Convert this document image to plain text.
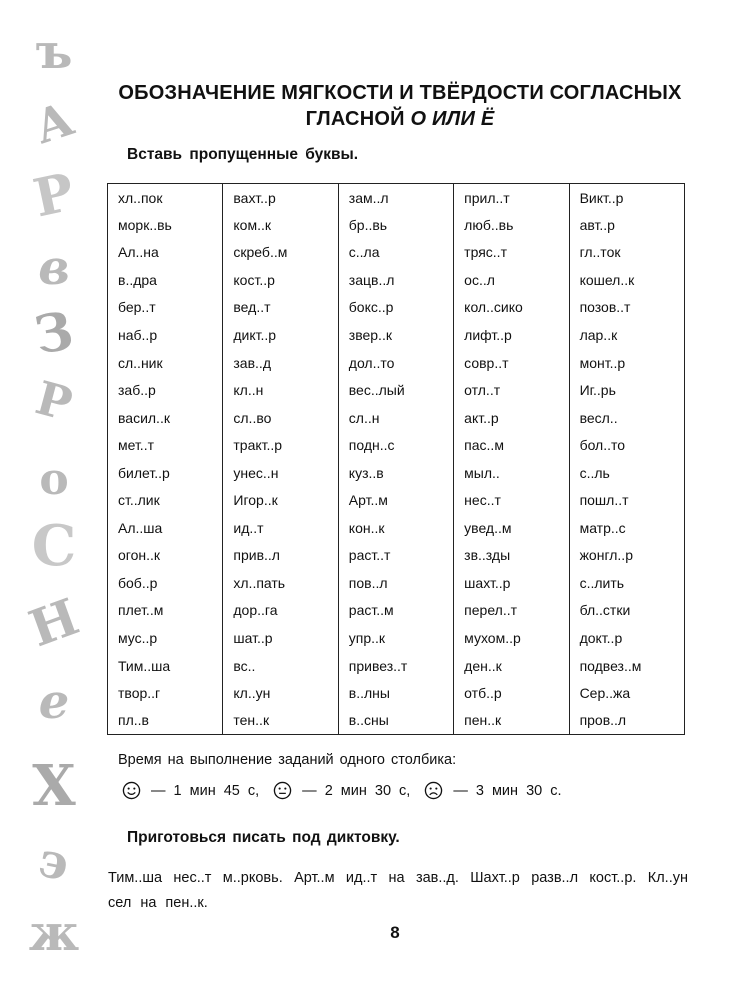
ъ
А
Р
в
З
Р
о
С
Н
е
Х
э
ж
ОБОЗНАЧЕНИЕ МЯГКОСТИ И ТВЁРДОСТИ СОГЛАСНЫХ
ГЛАСНОЙ О ИЛИ Ё
Вставь пропущенные буквы.
хл..пок	вахт..р	зам..л	прил..т	Викт..р
морк..вь	ком..к	бр..вь	люб..вь	авт..р
Ал..на	скреб..м	с..ла	тряс..т	гл..ток
в..дра	кост..р	зацв..л	ос..л	кошел..к
бер..т	вед..т	бокс..р	кол..сико	позов..т
наб..р	дикт..р	звер..к	лифт..р	лар..к
сл..ник	зав..д	дол..то	совр..т	монт..р
заб..р	кл..н	вес..лый	отл..т	Иг..рь
васил..к	сл..во	сл..н	акт..р	весл..
мет..т	тракт..р	подн..с	пас..м	бол..то
билет..р	унес..н	куз..в	мыл..	с..ль
ст..лик	Игор..к	Арт..м	нес..т	пошл..т
Ал..ша	ид..т	кон..к	увед..м	матр..с
огон..к	прив..л	раст..т	зв..зды	жонгл..р
боб..р	хл..пать	пов..л	шахт..р	с..лить
плет..м	дор..га	раст..м	перел..т	бл..стки
мус..р	шат..р	упр..к	мухом..р	докт..р
Тим..ша	вс..	привез..т	ден..к	подвез..м
твор..г	кл..ун	в..лны	отб..р	Сер..жа
пл..в	тен..к	в..сны	пен..к	пров..л
Время на выполнение заданий одного столбика:
— 1 мин 45 с,	— 2 мин 30 с,	— 3 мин 30 с.
Приготовься писать под диктовку.
Тим..ша нес..т м..рковь. Арт..м ид..т на зав..д. Шахт..р разв..л кост..р. Кл..ун сел на пен..к.
8
